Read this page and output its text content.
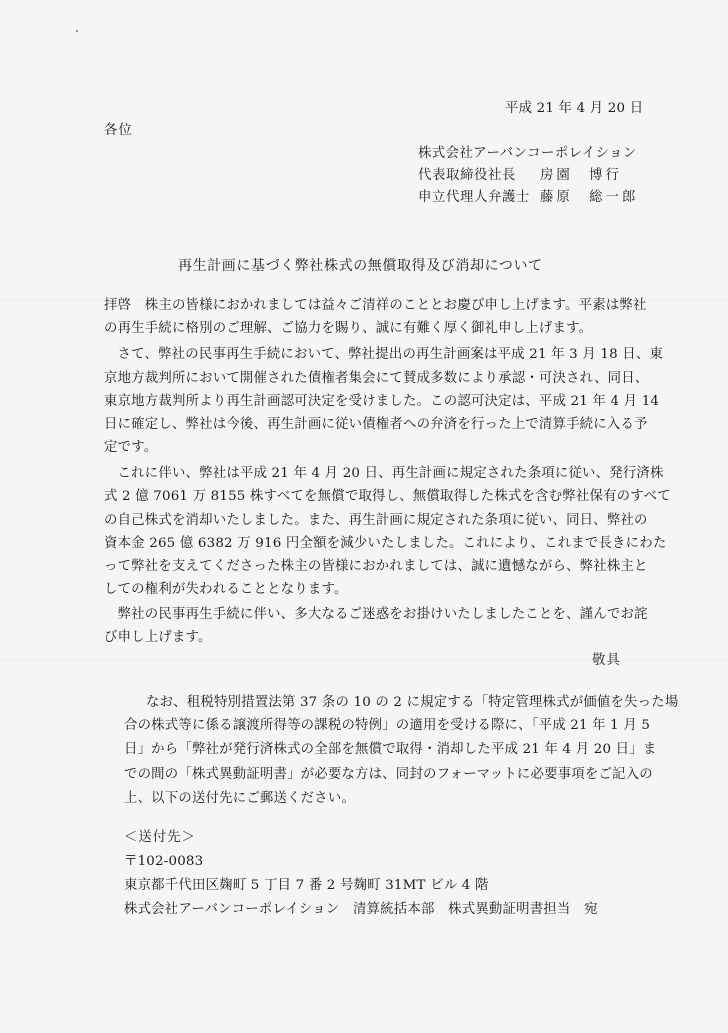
平成 21 年 4 月 20 日
各位
株式会社アーバンコーポレイション
代表取締役社長 房園　博行
申立代理人弁護士 藤原　総一郎
再生計画に基づく弊社株式の無償取得及び消却について
拝啓　株主の皆様におかれましては益々ご清祥のこととお慶び申し上げます。平素は弊社
の再生手続に格別のご理解、ご協力を賜り、誠に有難く厚く御礼申し上げます。
　さて、弊社の民事再生手続において、弊社提出の再生計画案は平成 21 年 3 月 18 日、東
京地方裁判所において開催された債権者集会にて賛成多数により承認・可決され、同日、
東京地方裁判所より再生計画認可決定を受けました。この認可決定は、平成 21 年 4 月 14
日に確定し、弊社は今後、再生計画に従い債権者への弁済を行った上で清算手続に入る予
定です。
　これに伴い、弊社は平成 21 年 4 月 20 日、再生計画に規定された条項に従い、発行済株
式 2 億 7061 万 8155 株すべてを無償で取得し、無償取得した株式を含む弊社保有のすべて
の自己株式を消却いたしました。また、再生計画に規定された条項に従い、同日、弊社の
資本金 265 億 6382 万 916 円全額を減少いたしました。これにより、これまで長きにわた
って弊社を支えてくださった株主の皆様におかれましては、誠に遺憾ながら、弊社株主と
しての権利が失われることとなります。
　弊社の民事再生手続に伴い、多大なるご迷惑をお掛けいたしましたことを、謹んでお詫
び申し上げます。
敬具
なお、租税特別措置法第 37 条の 10 の 2 に規定する「特定管理株式が価値を失った場
合の株式等に係る譲渡所得等の課税の特例」の適用を受ける際に、「平成 21 年 1 月 5
日」から「弊社が発行済株式の全部を無償で取得・消却した平成 21 年 4 月 20 日」ま
での間の「株式異動証明書」が必要な方は、同封のフォーマットに必要事項をご記入の
上、以下の送付先にご郵送ください。
＜送付先＞
〒102-0083
東京都千代田区麹町 5 丁目 7 番 2 号麹町 31MT ビル 4 階
株式会社アーバンコーポレイション　清算統括本部　株式異動証明書担当　宛
